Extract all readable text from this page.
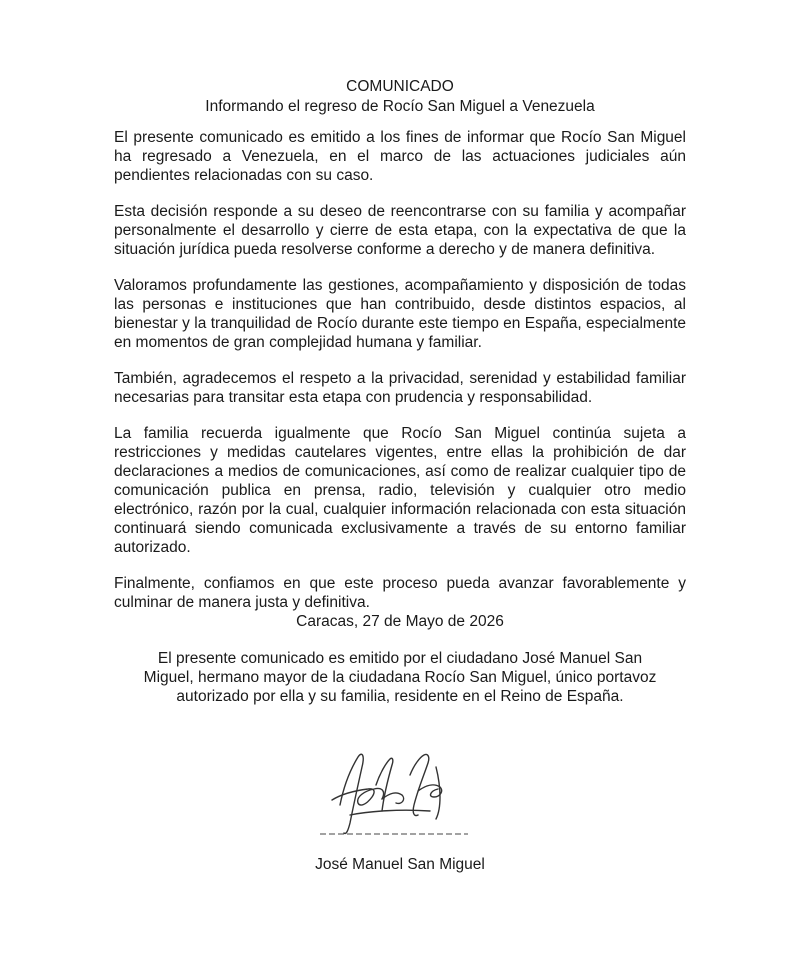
COMUNICADO
Informando el regreso de Rocío San Miguel a Venezuela

El presente comunicado es emitido a los fines de informar que Rocío San Miguel ha regresado a Venezuela, en el marco de las actuaciones judiciales aún pendientes relacionadas con su caso.

Esta decisión responde a su deseo de reencontrarse con su familia y acompañar personalmente el desarrollo y cierre de esta etapa, con la expectativa de que la situación jurídica pueda resolverse conforme a derecho y de manera definitiva.

Valoramos profundamente las gestiones, acompañamiento y disposición de todas las personas e instituciones que han contribuido, desde distintos espacios, al bienestar y la tranquilidad de Rocío durante este tiempo en España, especialmente en momentos de gran complejidad humana y familiar.

También, agradecemos el respeto a la privacidad, serenidad y estabilidad familiar necesarias para transitar esta etapa con prudencia y responsabilidad.

La familia recuerda igualmente que Rocío San Miguel continúa sujeta a restricciones y medidas cautelares vigentes, entre ellas la prohibición de dar declaraciones a medios de comunicaciones, así como de realizar cualquier tipo de comunicación publica en prensa, radio, televisión y cualquier otro medio electrónico, razón por la cual, cualquier información relacionada con esta situación continuará siendo comunicada exclusivamente a través de su entorno familiar autorizado.

Finalmente, confiamos en que este proceso pueda avanzar favorablemente y culminar de manera justa y definitiva.

Caracas, 27 de Mayo de 2026
El presente comunicado es emitido por el ciudadano José Manuel San Miguel, hermano mayor de la ciudadana Rocío San Miguel, único portavoz autorizado por ella y su familia, residente en el Reino de España.
José Manuel San Miguel
